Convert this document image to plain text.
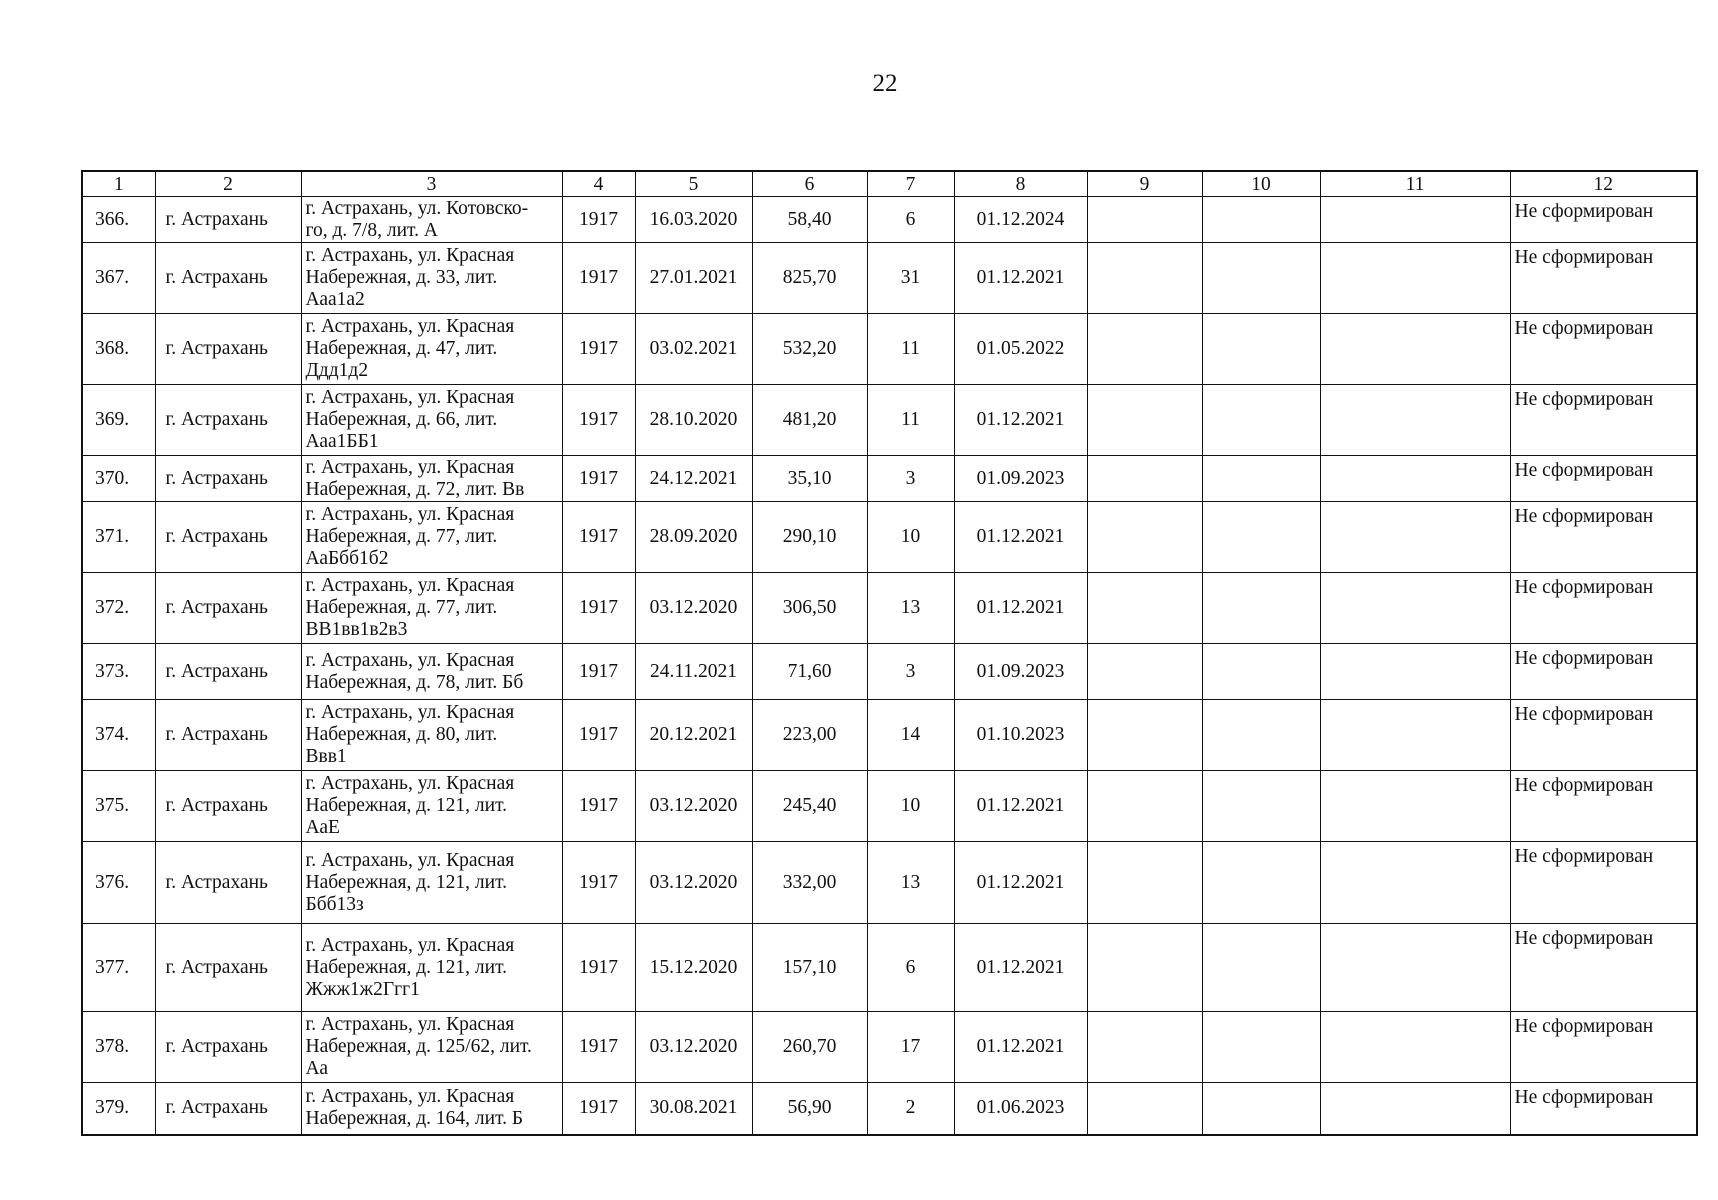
22
1	2	3	4	5	6	7	8	9	10	11	12
366.	г. Астрахань	г. Астрахань, ул. Котовско-
го, д. 7/8, лит. А	1917	16.03.2020	58,40	6	01.12.2024				Не сформирован
367.	г. Астрахань	г. Астрахань, ул. Красная
Набережная, д. 33, лит.
Ааа1а2	1917	27.01.2021	825,70	31	01.12.2021				Не сформирован
368.	г. Астрахань	г. Астрахань, ул. Красная
Набережная, д. 47, лит.
Ддд1д2	1917	03.02.2021	532,20	11	01.05.2022				Не сформирован
369.	г. Астрахань	г. Астрахань, ул. Красная
Набережная, д. 66, лит.
Ааа1ББ1	1917	28.10.2020	481,20	11	01.12.2021				Не сформирован
370.	г. Астрахань	г. Астрахань, ул. Красная
Набережная, д. 72, лит. Вв	1917	24.12.2021	35,10	3	01.09.2023				Не сформирован
371.	г. Астрахань	г. Астрахань, ул. Красная
Набережная, д. 77, лит.
АаБбб1б2	1917	28.09.2020	290,10	10	01.12.2021				Не сформирован
372.	г. Астрахань	г. Астрахань, ул. Красная
Набережная, д. 77, лит.
ВВ1вв1в2в3	1917	03.12.2020	306,50	13	01.12.2021				Не сформирован
373.	г. Астрахань	г. Астрахань, ул. Красная
Набережная, д. 78, лит. Бб	1917	24.11.2021	71,60	3	01.09.2023				Не сформирован
374.	г. Астрахань	г. Астрахань, ул. Красная
Набережная, д. 80, лит.
Ввв1	1917	20.12.2021	223,00	14	01.10.2023				Не сформирован
375.	г. Астрахань	г. Астрахань, ул. Красная
Набережная, д. 121, лит.
АаЕ	1917	03.12.2020	245,40	10	01.12.2021				Не сформирован
376.	г. Астрахань	г. Астрахань, ул. Красная
Набережная, д. 121, лит.
Ббб13з	1917	03.12.2020	332,00	13	01.12.2021				Не сформирован
377.	г. Астрахань	г. Астрахань, ул. Красная
Набережная, д. 121, лит.
Жжж1ж2Ггг1	1917	15.12.2020	157,10	6	01.12.2021				Не сформирован
378.	г. Астрахань	г. Астрахань, ул. Красная
Набережная, д. 125/62, лит.
Аа	1917	03.12.2020	260,70	17	01.12.2021				Не сформирован
379.	г. Астрахань	г. Астрахань, ул. Красная
Набережная, д. 164, лит. Б	1917	30.08.2021	56,90	2	01.06.2023				Не сформирован
